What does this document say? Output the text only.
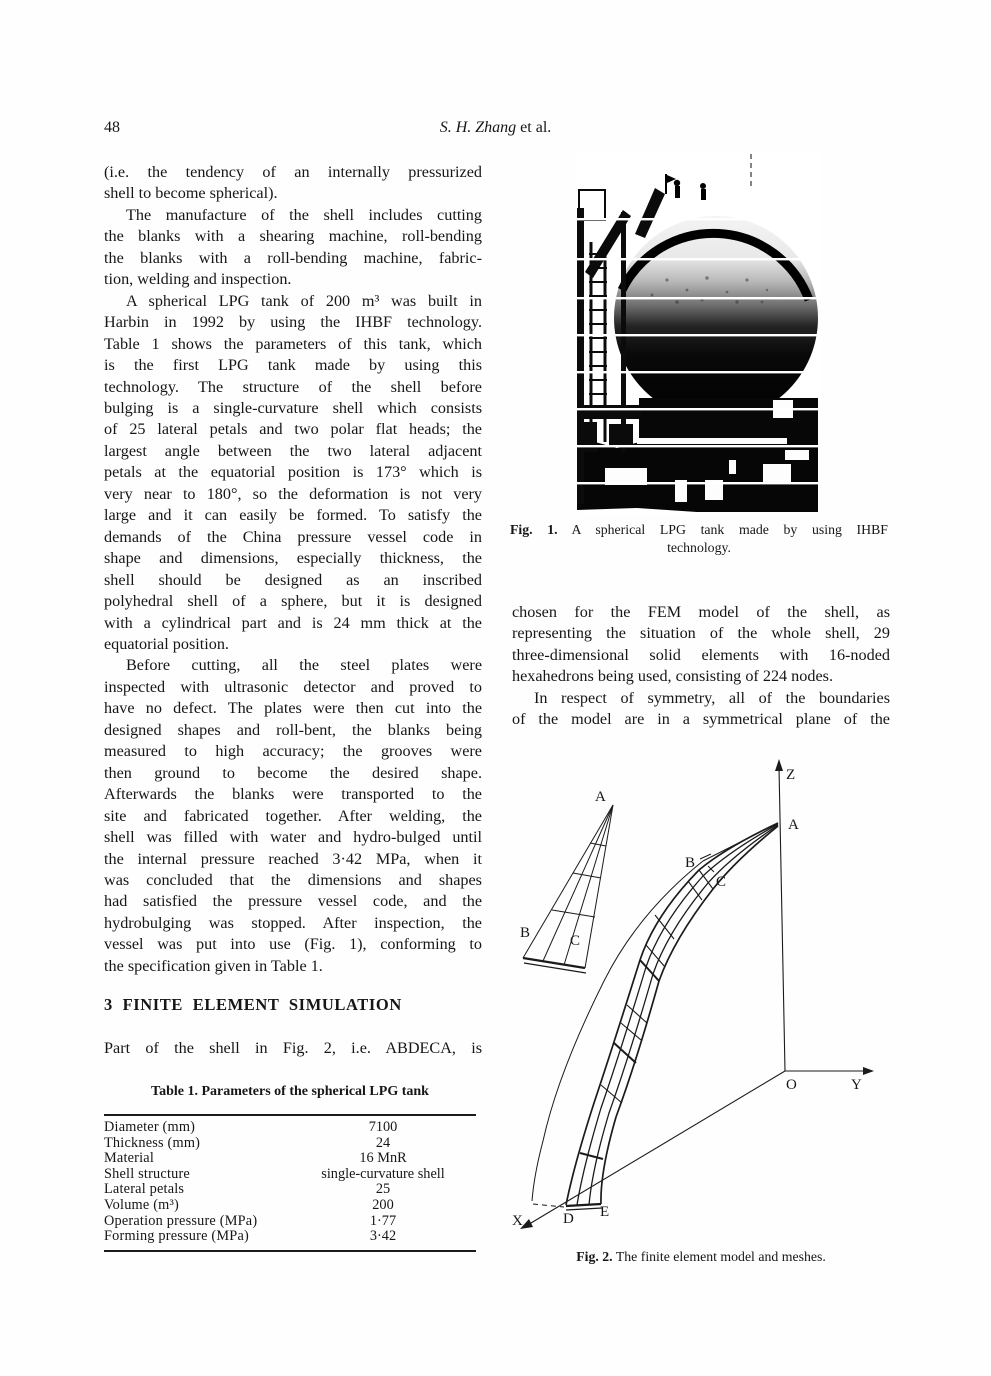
48	S. H. Zhang et al.
(i.e. the tendency of an internally pressurized
shell to become spherical).
The manufacture of the shell includes cutting
the blanks with a shearing machine, roll-bending
the blanks with a roll-bending machine, fabric-
tion, welding and inspection.
A spherical LPG tank of 200 m³ was built in
Harbin in 1992 by using the IHBF technology.
Table 1 shows the parameters of this tank, which
is the first LPG tank made by using this
technology. The structure of the shell before
bulging is a single-curvature shell which consists
of 25 lateral petals and two polar flat heads; the
largest angle between the two lateral adjacent
petals at the equatorial position is 173° which is
very near to 180°, so the deformation is not very
large and it can easily be formed. To satisfy the
demands of the China pressure vessel code in
shape and dimensions, especially thickness, the
shell should be designed as an inscribed
polyhedral shell of a sphere, but it is designed
with a cylindrical part and is 24 mm thick at the
equatorial position.
Before cutting, all the steel plates were
inspected with ultrasonic detector and proved to
have no defect. The plates were then cut into the
designed shapes and roll-bent, the blanks being
measured to high accuracy; the grooves were
then ground to become the desired shape.
Afterwards the blanks were transported to the
site and fabricated together. After welding, the
shell was filled with water and hydro-bulged until
the internal pressure reached 3·42 MPa, when it
was concluded that the dimensions and shapes
had satisfied the pressure vessel code, and the
hydrobulging was stopped. After inspection, the
vessel was put into use (Fig. 1), conforming to
the specification given in Table 1.
3 FINITE ELEMENT SIMULATION
Part of the shell in Fig. 2, i.e. ABDECA, is
Table 1. Parameters of the spherical LPG tank
Diameter (mm)	7100
Thickness (mm)	24
Material	16 MnR
Shell structure	single-curvature shell
Lateral petals	25
Volume (m³)	200
Operation pressure (MPa)	1·77
Forming pressure (MPa)	3·42
Fig. 1. A spherical LPG tank made by using IHBF
technology.
chosen for the FEM model of the shell, as
representing the situation of the whole shell, 29
three-dimensional solid elements with 16-noded
hexahedrons being used, consisting of 224 nodes.
In respect of symmetry, all of the boundaries
of the model are in a symmetrical plane of the
Z
A
B
C
A
B	C
O	Y
X	D E
Fig. 2. The finite element model and meshes.
